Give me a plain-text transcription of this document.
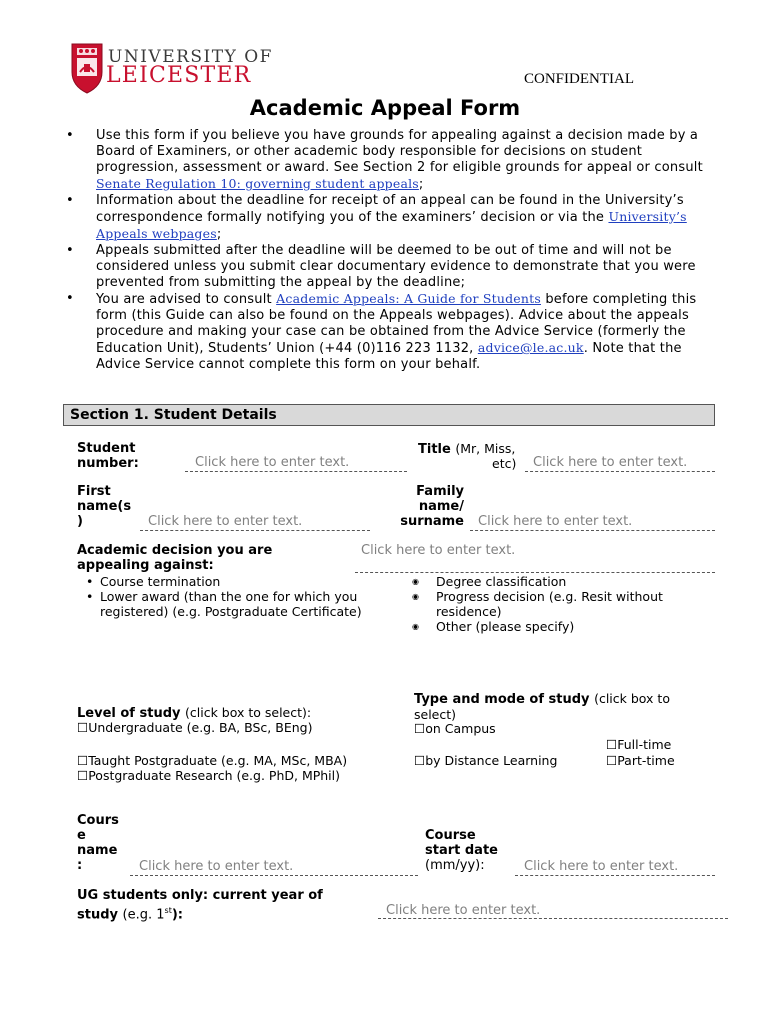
UNIVERSITY OF
LEICESTER	CONFIDENTIAL
Academic Appeal Form
• Use this form if you believe you have grounds for appealing against a decision made by a Board of Examiners, or other academic body responsible for decisions on student progression, assessment or award. See Section 2 for eligible grounds for appeal or consult Senate Regulation 10: governing student appeals;
• Information about the deadline for receipt of an appeal can be found in the University’s correspondence formally notifying you of the examiners’ decision or via the University’s Appeals webpages;
• Appeals submitted after the deadline will be deemed to be out of time and will not be considered unless you submit clear documentary evidence to demonstrate that you were prevented from submitting the appeal by the deadline;
• You are advised to consult Academic Appeals: A Guide for Students before completing this form (this Guide can also be found on the Appeals webpages). Advice about the appeals procedure and making your case can be obtained from the Advice Service (formerly the Education Unit), Students’ Union (+44 (0)116 223 1132, advice@le.ac.uk. Note that the Advice Service cannot complete this form on your behalf.
Section 1. Student Details
Student
number:	Click here to enter text.
Title (Mr, Miss,
etc) Click here to enter text.
First
name(s
)	Click here to enter text.
Family
name/
surname Click here to enter text.
Academic decision you are
appealing against:
Click here to enter text.
• Course termination
• Lower award (than the one for which you registered) (e.g. Postgraduate Certificate)
◉ Degree classification
◉ Progress decision (e.g. Resit without residence)
◉ Other (please specify)
Level of study (click box to select):
☐Undergraduate (e.g. BA, BSc, BEng)
☐Taught Postgraduate (e.g. MA, MSc, MBA)
☐Postgraduate Research (e.g. PhD, MPhil)
Type and mode of study (click box to
select)
☐on Campus
☐by Distance Learning
☐Full-time
☐Part-time
Cours
e
name
:	Click here to enter text.
Course
start date
(mm/yy):	Click here to enter text.
UG students only: current year of
study (e.g. 1st):	Click here to enter text.
